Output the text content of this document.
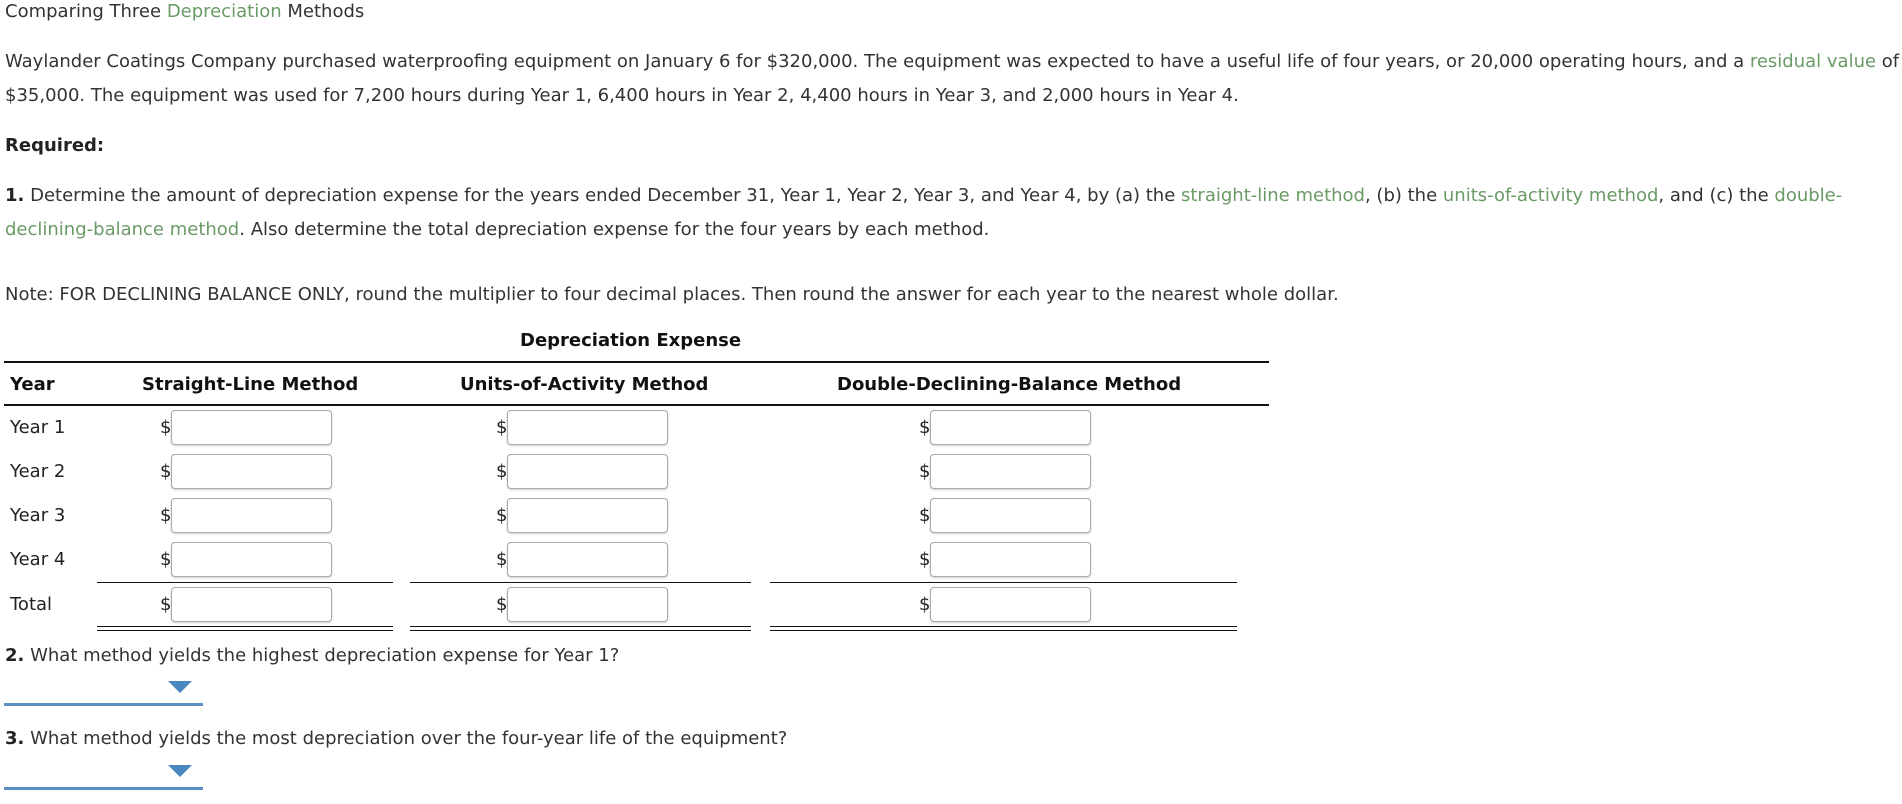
Comparing Three Depreciation Methods
Waylander Coatings Company purchased waterproofing equipment on January 6 for $320,000. The equipment was expected to have a useful life of four years, or 20,000 operating hours, and a residual value of $35,000. The equipment was used for 7,200 hours during Year 1, 6,400 hours in Year 2, 4,400 hours in Year 3, and 2,000 hours in Year 4.
Required:
1. Determine the amount of depreciation expense for the years ended December 31, Year 1, Year 2, Year 3, and Year 4, by (a) the straight-line method, (b) the units-of-activity method, and (c) the double-declining-balance method. Also determine the total depreciation expense for the four years by each method.
Note: FOR DECLINING BALANCE ONLY, round the multiplier to four decimal places. Then round the answer for each year to the nearest whole dollar.
Depreciation Expense
Year	Straight-Line Method	Units-of-Activity Method	Double-Declining-Balance Method
Year 1	$	$	$
Year 2	$	$	$
Year 3	$	$	$
Year 4	$	$	$
Total	$	$	$
2. What method yields the highest depreciation expense for Year 1?
3. What method yields the most depreciation over the four-year life of the equipment?
